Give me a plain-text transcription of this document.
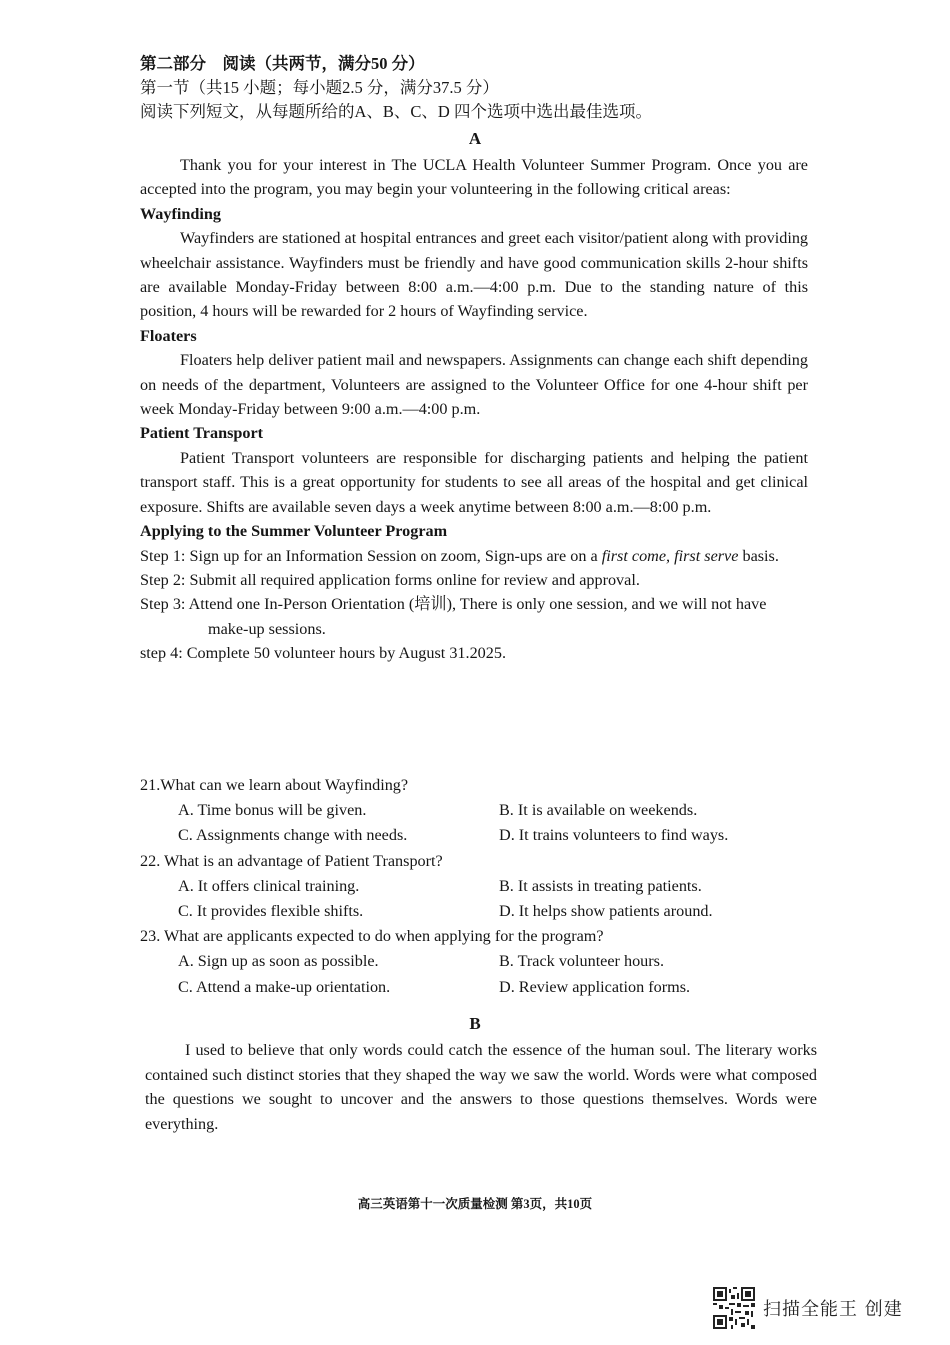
第二部分　阅读（共两节，满分50 分）
第一节（共15 小题；每小题2.5 分，满分37.5 分）
阅读下列短文，从每题所给的A、B、C、D 四个选项中选出最佳选项。
A

Thank you for your interest in The UCLA Health Volunteer Summer Program. Once you are accepted into the program, you may begin your volunteering in the following critical areas:

Wayfinding

Wayfinders are stationed at hospital entrances and greet each visitor/patient along with providing wheelchair assistance. Wayfinders must be friendly and have good communication skills 2-hour shifts are available Monday-Friday between 8:00 a.m.—4:00 p.m. Due to the standing nature of this position, 4 hours will be rewarded for 2 hours of Wayfinding service.

Floaters

Floaters help deliver patient mail and newspapers. Assignments can change each shift depending on needs of the department, Volunteers are assigned to the Volunteer Office for one 4-hour shift per week Monday-Friday between 9:00 a.m.—4:00 p.m.

Patient Transport

Patient Transport volunteers are responsible for discharging patients and helping the patient transport staff. This is a great opportunity for students to see all areas of the hospital and get clinical exposure. Shifts are available seven days a week anytime between 8:00 a.m.—8:00 p.m.

Applying to the Summer Volunteer Program

Step 1: Sign up for an Information Session on zoom, Sign-ups are on a first come, first serve basis.

Step 2: Submit all required application forms online for review and approval.

Step 3: Attend one In-Person Orientation (培训), There is only one session, and we will not have make-up sessions.

step 4: Complete 50 volunteer hours by August 31.2025.

21.What can we learn about Wayfinding?

A. Time bonus will be given.	B. It is available on weekends.
C. Assignments change with needs.	D. It trains volunteers to find ways.

22. What is an advantage of Patient Transport?

A. It offers clinical training.	B. It assists in treating patients.
C. It provides flexible shifts.	D. It helps show patients around.

23. What are applicants expected to do when applying for the program?

A. Sign up as soon as possible.	B. Track volunteer hours.
C. Attend a make-up orientation.	D. Review application forms.
B

I used to believe that only words could catch the essence of the human soul. The literary works contained such distinct stories that they shaped the way we saw the world. Words were what composed the questions we sought to uncover and the answers to those questions themselves. Words were everything.

高三英语第十一次质量检测 第3页，共10页
扫描全能王 创建
